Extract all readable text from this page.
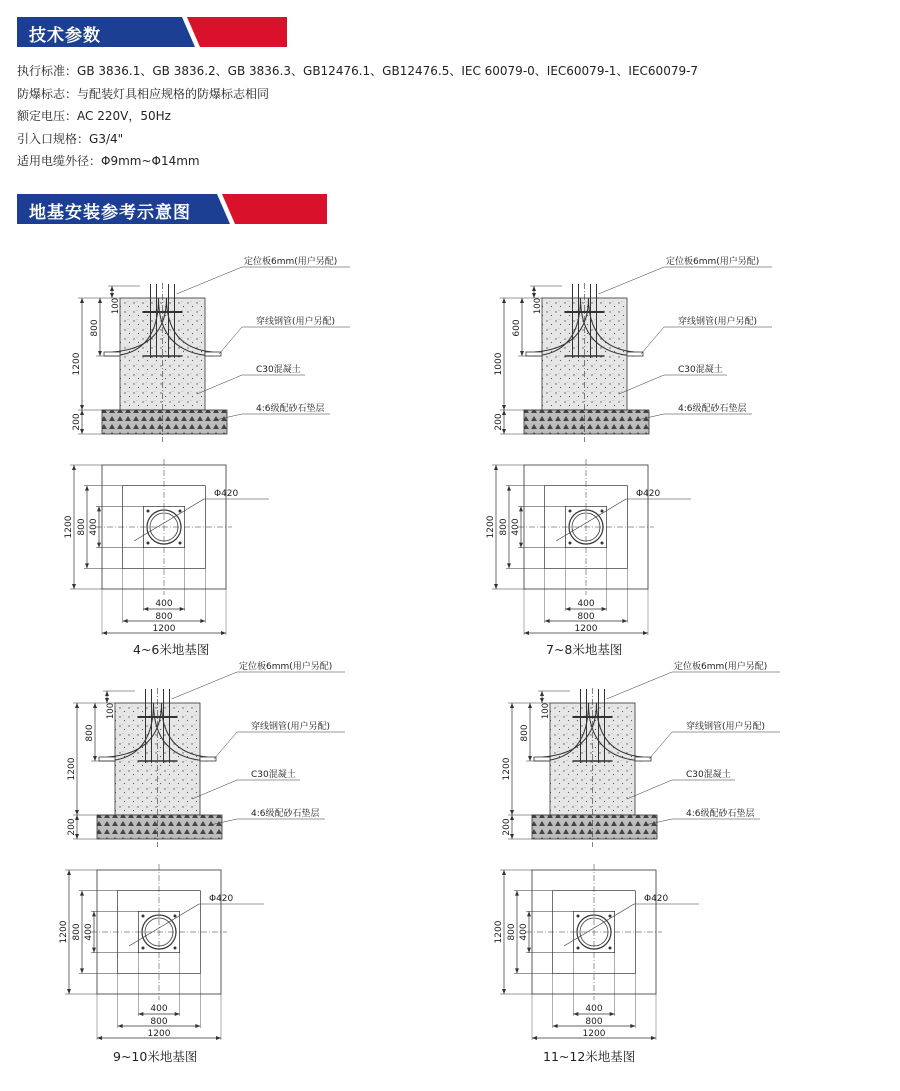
技术参数
执行标准：GB 3836.1、GB 3836.2、GB 3836.3、GB12476.1、GB12476.5、IEC 60079-0、IEC60079-1、IEC60079-7
防爆标志：与配装灯具相应规格的防爆标志相同
额定电压：AC 220V，50Hz
引入口规格：G3/4"
适用电缆外径：Φ9mm~Φ14mm
地基安装参考示意图
1200
200
800
100
定位板6mm(用户另配)
穿线钢管(用户另配)
C30混凝土
4:6级配砂石垫层
Φ420
1200 800 400
400
800
1200
1000
200
600
100
定位板6mm(用户另配)
穿线钢管(用户另配)
C30混凝土
4:6级配砂石垫层
Φ420
1200 800 400
400
800
1200
1200
200
800
100
定位板6mm(用户另配)
穿线钢管(用户另配)
C30混凝土
4:6级配砂石垫层
Φ420
1200 800 400
400
800
1200
1200
200
800
100
定位板6mm(用户另配)
穿线钢管(用户另配)
C30混凝土
4:6级配砂石垫层
Φ420
1200 800 400
400
800
1200
4~6米地基图	7~8米地基图
9~10米地基图	11~12米地基图
